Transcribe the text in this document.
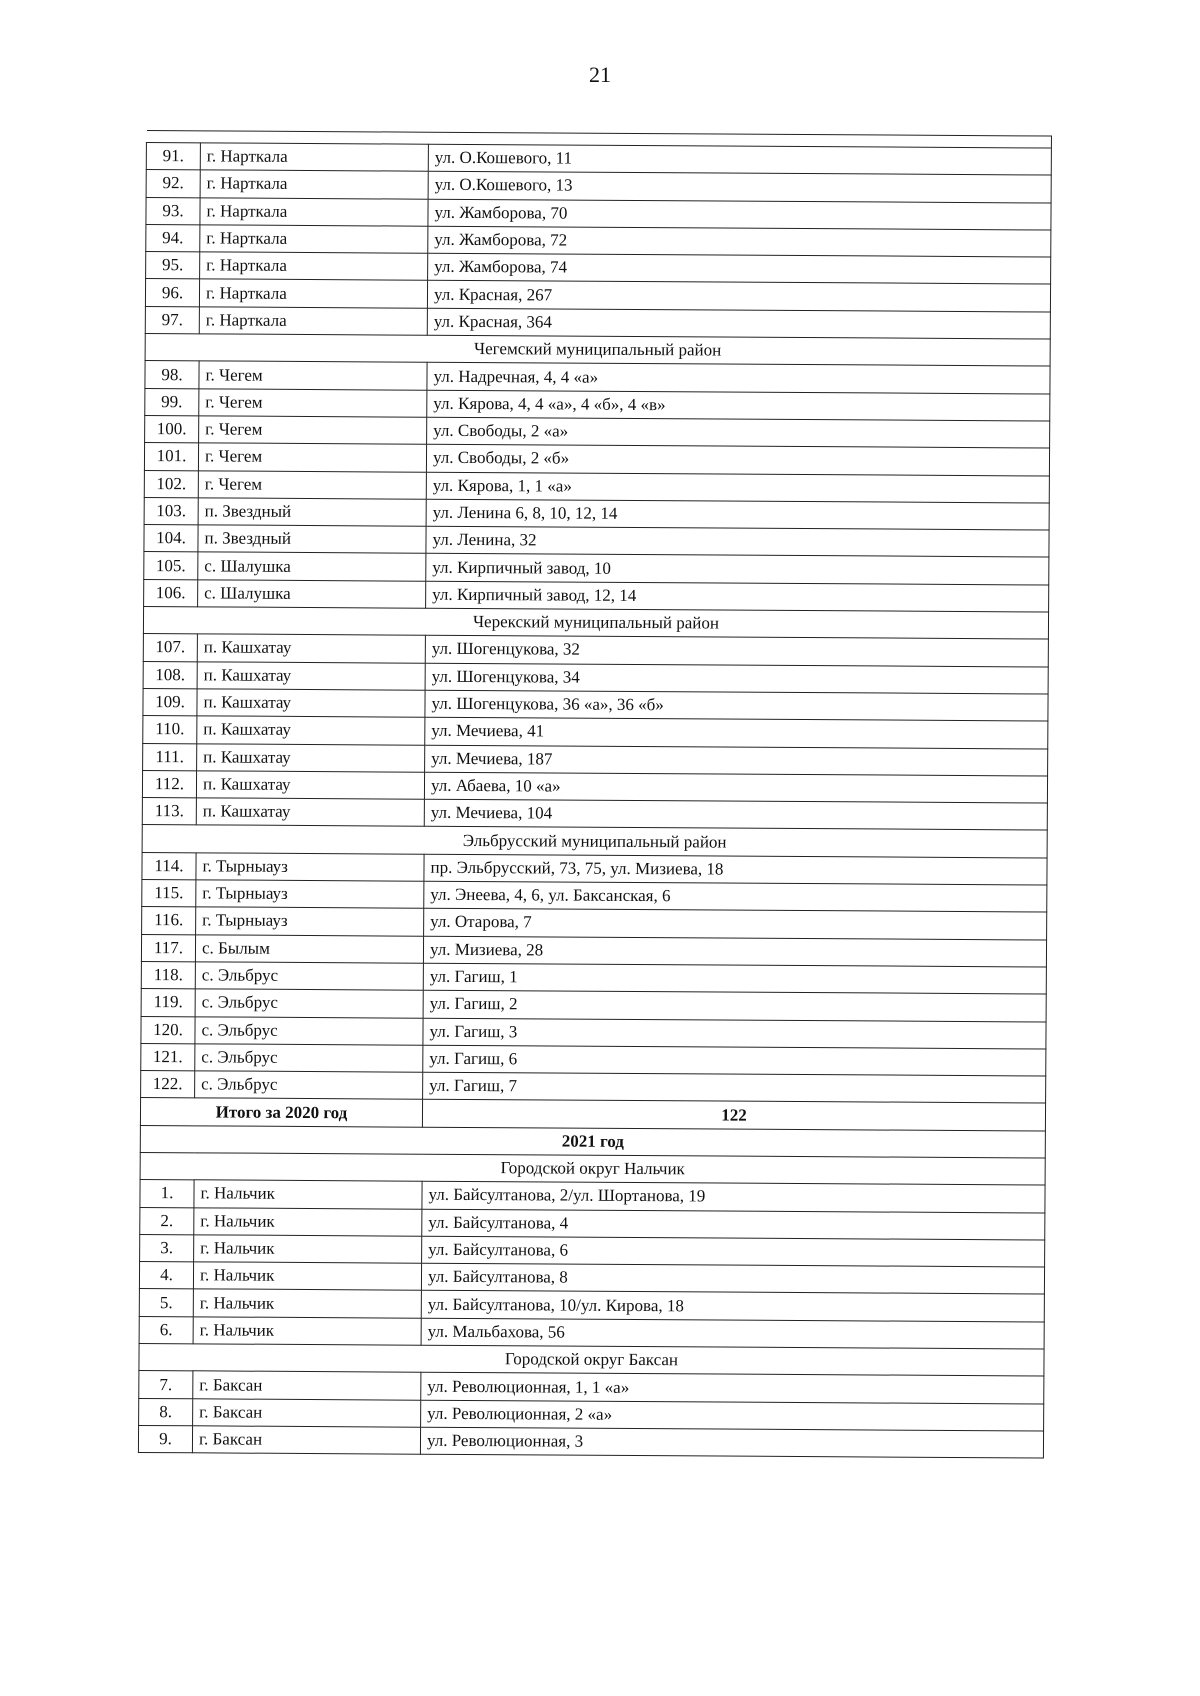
21

91.	г. Нарткала	ул. О.Кошевого, 11
92.	г. Нарткала	ул. О.Кошевого, 13
93.	г. Нарткала	ул. Жамборова, 70
94.	г. Нарткала	ул. Жамборова, 72
95.	г. Нарткала	ул. Жамборова, 74
96.	г. Нарткала	ул. Красная, 267
97.	г. Нарткала	ул. Красная, 364
Чегемский муниципальный район		
98.	г. Чегем	ул. Надречная, 4, 4 «а»
99.	г. Чегем	ул. Кярова, 4, 4 «а», 4 «б», 4 «в»
100.	г. Чегем	ул. Свободы, 2 «а»
101.	г. Чегем	ул. Свободы, 2 «б»
102.	г. Чегем	ул. Кярова, 1, 1 «а»
103.	п. Звездный	ул. Ленина 6, 8, 10, 12, 14
104.	п. Звездный	ул. Ленина, 32
105.	с. Шалушка	ул. Кирпичный завод, 10
106.	с. Шалушка	ул. Кирпичный завод, 12, 14
Черекский муниципальный район		
107.	п. Кашхатау	ул. Шогенцукова, 32
108.	п. Кашхатау	ул. Шогенцукова, 34
109.	п. Кашхатау	ул. Шогенцукова, 36 «а», 36 «б»
110.	п. Кашхатау	ул. Мечиева, 41
111.	п. Кашхатау	ул. Мечиева, 187
112.	п. Кашхатау	ул. Абаева, 10 «а»
113.	п. Кашхатау	ул. Мечиева, 104
Эльбрусский муниципальный район		
114.	г. Тырныауз	пр. Эльбрусский, 73, 75, ул. Мизиева, 18
115.	г. Тырныауз	ул. Энеева, 4, 6, ул. Баксанская, 6
116.	г. Тырныауз	ул. Отарова, 7
117.	с. Былым	ул. Мизиева, 28
118.	с. Эльбрус	ул. Гагиш, 1
119.	с. Эльбрус	ул. Гагиш, 2
120.	с. Эльбрус	ул. Гагиш, 3
121.	с. Эльбрус	ул. Гагиш, 6
122.	с. Эльбрус	ул. Гагиш, 7
Итого за 2020 год		122
2021 год		
Городской округ Нальчик		
1.	г. Нальчик	ул. Байсултанова, 2/ул. Шортанова, 19
2.	г. Нальчик	ул. Байсултанова, 4
3.	г. Нальчик	ул. Байсултанова, 6
4.	г. Нальчик	ул. Байсултанова, 8
5.	г. Нальчик	ул. Байсултанова, 10/ул. Кирова, 18
6.	г. Нальчик	ул. Мальбахова, 56
Городской округ Баксан		
7.	г. Баксан	ул. Революционная, 1, 1 «а»
8.	г. Баксан	ул. Революционная, 2 «а»
9.	г. Баксан	ул. Революционная, 3
